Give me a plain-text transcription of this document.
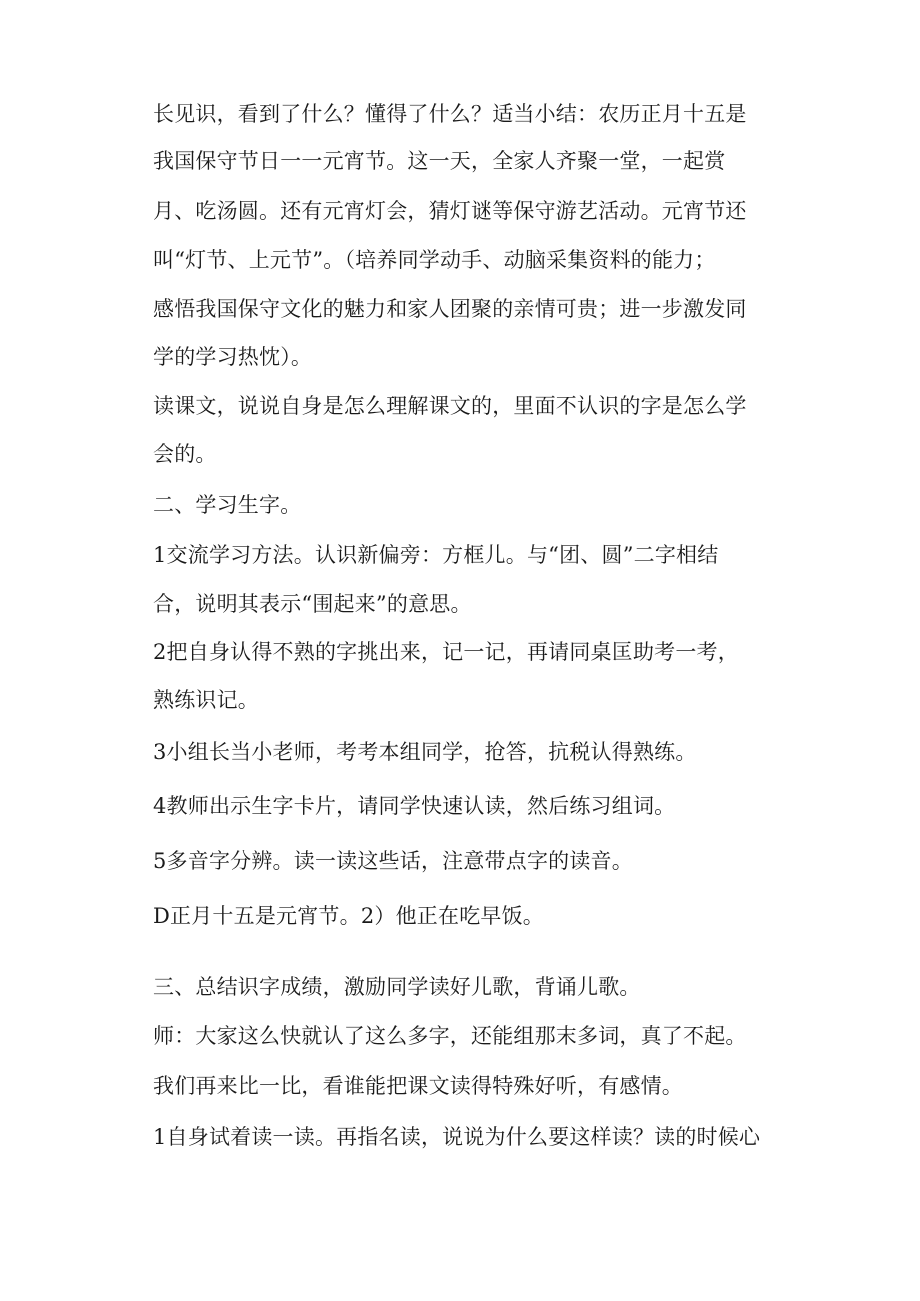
长见识，看到了什么？懂得了什么？适当小结：农历正月十五是

我国保守节日一一元宵节。这一天，全家人齐聚一堂，一起赏

月、吃汤圆。还有元宵灯会，猜灯谜等保守游艺活动。元宵节还

叫“灯节、上元节”。（培养同学动手、动脑采集资料的能力；

感悟我国保守文化的魅力和家人团聚的亲情可贵；进一步激发同

学的学习热忱）。

读课文，说说自身是怎么理解课文的，里面不认识的字是怎么学

会的。

二、学习生字。

1交流学习方法。认识新偏旁：方框儿。与“团、圆”二字相结

合，说明其表示“围起来”的意思。

2把自身认得不熟的字挑出来，记一记，再请同桌匡助考一考，

熟练识记。

3小组长当小老师，考考本组同学，抢答，抗税认得熟练。

4教师出示生字卡片，请同学快速认读，然后练习组词。

5多音字分辨。读一读这些话，注意带点字的读音。

D正月十五是元宵节。2）他正在吃早饭。

三、总结识字成绩，激励同学读好儿歌，背诵儿歌。

师：大家这么快就认了这么多字，还能组那末多词，真了不起。

我们再来比一比，看谁能把课文读得特殊好听，有感情。

1自身试着读一读。再指名读，说说为什么要这样读？读的时候心
